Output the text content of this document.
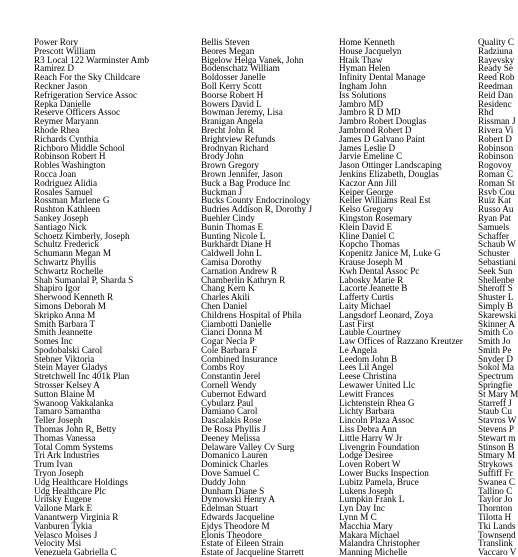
Power Rory
Prescott William
R3 Local 122 Warminster Amb
Ramirez D
Reach For the Sky Childcare
Reckner Jason
Refrigeration Service Assoc
Repka Danielle
Reserve Officers Assoc
Reymer Maryann
Rhode Rhea
Richards Cynthia
Richboro Middle School
Robinson Robert H
Robles Washington
Rocca Joan
Rodriguez Alidia
Rosales Samuel
Rossman Marlene G
Rushton Kathleen
Sankey Joseph
Santiago Nick
Schoetz Kimberly, Joseph
Schultz Frederick
Schumann Megan M
Schwartz Phyllis
Schwartz Rochelle
Shah Sumanlal P, Sharda S
Shapiro Igor
Sherwood Kenneth R
Simons Deborah M
Skripko Anna M
Smith Barbara T
Smith Jeannette
Somes Inc
Spodobalski Carol
Stebner Viktoria
Stein Mayer Gladys
Stretchwell Inc 401k Plan
Strosser Kelsey A
Sutton Blaine M
Swanoop Vakkalanka
Tamaro Samantha
Teller Joseph
Thomas John R, Betty
Thomas Vanessa
Total Comm Systems
Tri Ark Industries
Trum Ivan
Tryon Joseph
Udg Healthcare Holdings
Udg Healthcare Plc
Uritsky Eugene
Vallone Mark E
Vanantwerp Virginia R
Vanburen Tykia
Velasco Moises J
Velocity Msi
Venezuela Gabriella C
Bellis Steven
Beores Megan
Bigelow Helga Vanek, John
Bodenschatz William
Boldosser Janelle
Boll Kerry Scott
Boorse Robert H
Bowers David L
Bowman Jeremy, Lisa
Branigan Angela
Brecht John R
Brightview Refunds
Brodnyan Richard
Brody John
Brown Gregory
Brown Jennifer, Jason
Buck a Bag Produce Inc
Buckman J
Bucks County Endocrinology
Budries Addison R, Dorothy J
Buehler Cindy
Bunin Thomas E
Bunting Nicole L
Burkhardt Diane H
Caldwell John L
Camisa Dorothy
Carnation Andrew R
Chamberlin Kathryn R
Chang Kern K
Charles Akili
Chen Daniel
Childrens Hospital of Phila
Ciambotti Danielle
Cianci Donna M
Cogar Necia P
Cole Barbara F
Combined Insurance
Combs Roy
Constantin Jerel
Cornell Wendy
Cubernot Edward
Cybularz Paul
Damiano Carol
Dascalakis Rose
De Rosa Phyllis J
Deeney Melissa
Delaware Valley Cv Surg
Domanico Lauren
Dominick Charles
Dove Samuel C
Duddy John
Dunham Diane S
Dymowski Henry A
Edelman Stuart
Edwards Jacqueline
Ejdys Theodore M
Elonis Theodore
Estate of Eileen Strain
Estate of Jacqueline Starrett
Home Kenneth
House Jacquelyn
Htaik Thaw
Hyman Helen
Infinity Dental Manage
Ingham John
Iss Solutions
Jambro MD
Jambro R D MD
Jambro Robert Douglas
Jambrond Robert D
James D Galvano Paint
James Leslie D
Jarvie Emeline C
Jason Ottinger Landscaping
Jenkins Elizabeth, Douglas
Kaczor Ann Jill
Keiper George
Keller Williams Real Est
Kelso Gregory
Kingston Rosemary
Klein David E
Kline Daniel C
Kopcho Thomas
Kopenitz Janice M, Luke G
Krause Joseph M
Kwh Dental Assoc Pc
Labosky Marie R
Lacorte Jeanette B
Lafferty Curtis
Laity Michael
Langsdorf Leonard, Zoya
Last First
Lauble Courtney
Law Offices of Razzano Kreutzer
Le Angela
Leedom John B
Lees Lil Angel
Leese Christina
Lewawer United Llc
Lewitt Frances
Lichtenstein Rhea G
Lichty Barbara
Lincoln Plaza Assoc
Liss Debra Ann
Little Harry W Jr
Livengrin Foundation
Lodge Desiree
Loven Robert W
Lower Bucks Inspection
Lubitz Pamela, Bruce
Lukens Joseph
Lumpkin Frank L
Lyn Day Inc
Lynn M C
Macchia Mary
Makara Michael
Malandra Christopher
Manning Michelle
Quality C
Radziuna
Rayevsky
Ready Se
Reed Rob
Reedman
Reid Dan
Residenc
Rhd
Rissman J
Rivera Vi
Robert D
Robinson
Robinson
Rogovoy
Roman C
Roman St
Rsvb Cou
Ruiz Kat
Russo Au
Ryan Pat
Samuels
Schaffer
Schaub W
Schuster
Sebastiani
Seek Sun
Shellenbe
Sheroff S
Shuster L
Simply B
Skarewski
Skinner A
Smith Co
Smith Jo
Smith Pe
Snyder D
Sokol Ma
Spectrum
Springfie
St Mary M
Starreff J
Staub Cu
Stavros W
Stevens P
Stewart m
Stinson B
Stmary M
Strykows
Suffiff Fr
Swanea C
Tallino C
Taylor Jo
Thornton
Tilotta H
Tki Lands
Townsend
Translink
Vaccaro V
